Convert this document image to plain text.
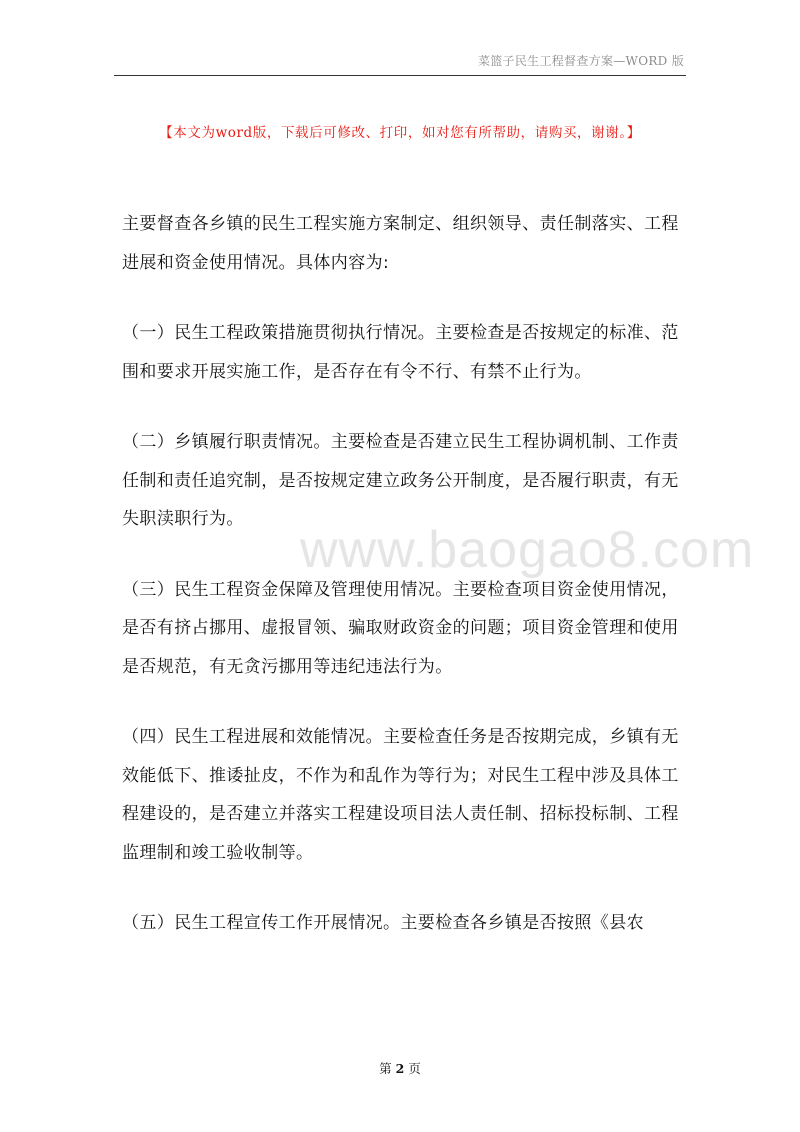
菜篮子民生工程督查方案—WORD 版
【本文为word版，下载后可修改、打印，如对您有所帮助，请购买，谢谢。】

主要督查各乡镇的民生工程实施方案制定、组织领导、责任制落实、工程进展和资金使用情况。具体内容为:

（一）民生工程政策措施贯彻执行情况。主要检查是否按规定的标准、范围和要求开展实施工作，是否存在有令不行、有禁不止行为。

（二）乡镇履行职责情况。主要检查是否建立民生工程协调机制、工作责任制和责任追究制，是否按规定建立政务公开制度，是否履行职责，有无失职渎职行为。

（三）民生工程资金保障及管理使用情况。主要检查项目资金使用情况，是否有挤占挪用、虚报冒领、骗取财政资金的问题；项目资金管理和使用是否规范，有无贪污挪用等违纪违法行为。

（四）民生工程进展和效能情况。主要检查任务是否按期完成，乡镇有无效能低下、推诿扯皮，不作为和乱作为等行为；对民生工程中涉及具体工程建设的，是否建立并落实工程建设项目法人责任制、招标投标制、工程监理制和竣工验收制等。

（五）民生工程宣传工作开展情况。主要检查各乡镇是否按照《县农

www.baogao8.com
第 2 页
